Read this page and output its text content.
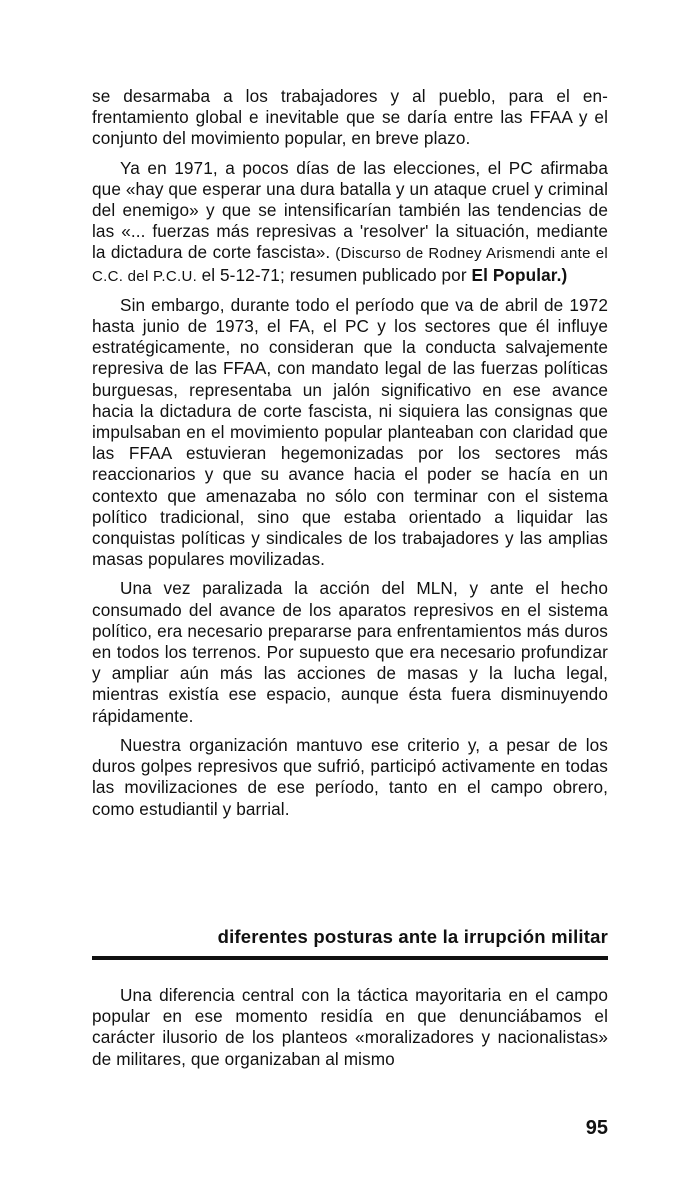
se desarmaba a los trabajadores y al pueblo, para el en-frentamiento global e inevitable que se daría entre las FFAA y el conjunto del movimiento popular, en breve plazo.

Ya en 1971, a pocos días de las elecciones, el PC afirmaba que «hay que esperar una dura batalla y un ataque cruel y criminal del enemigo» y que se intensificarían también las tendencias de las «... fuerzas más represivas a 'resolver' la situación, mediante la dictadura de corte fascista». (Discurso de Rodney Arismendi ante el C.C. del P.C.U. el 5-12-71; resumen publicado por El Popular.)

Sin embargo, durante todo el período que va de abril de 1972 hasta junio de 1973, el FA, el PC y los sectores que él influye estratégicamente, no consideran que la conducta salvajemente represiva de las FFAA, con mandato legal de las fuerzas políticas burguesas, representaba un jalón significativo en ese avance hacia la dictadura de corte fascista, ni siquiera las consignas que impulsaban en el movimiento popular planteaban con claridad que las FFAA estuvieran hegemonizadas por los sectores más reaccionarios y que su avance hacia el poder se hacía en un contexto que amenazaba no sólo con terminar con el sistema político tradicional, sino que estaba orientado a liquidar las conquistas políticas y sindicales de los trabajadores y las amplias masas populares movilizadas.

Una vez paralizada la acción del MLN, y ante el hecho consumado del avance de los aparatos represivos en el sistema político, era necesario prepararse para enfrentamientos más duros en todos los terrenos. Por supuesto que era necesario profundizar y ampliar aún más las acciones de masas y la lucha legal, mientras existía ese espacio, aunque ésta fuera disminuyendo rápidamente.

Nuestra organización mantuvo ese criterio y, a pesar de los duros golpes represivos que sufrió, participó activamente en todas las movilizaciones de ese período, tanto en el campo obrero, como estudiantil y barrial.

diferentes posturas ante la irrupción militar

Una diferencia central con la táctica mayoritaria en el campo popular en ese momento residía en que denunciábamos el carácter ilusorio de los planteos «moralizadores y nacionalistas» de militares, que organizaban al mismo

95
